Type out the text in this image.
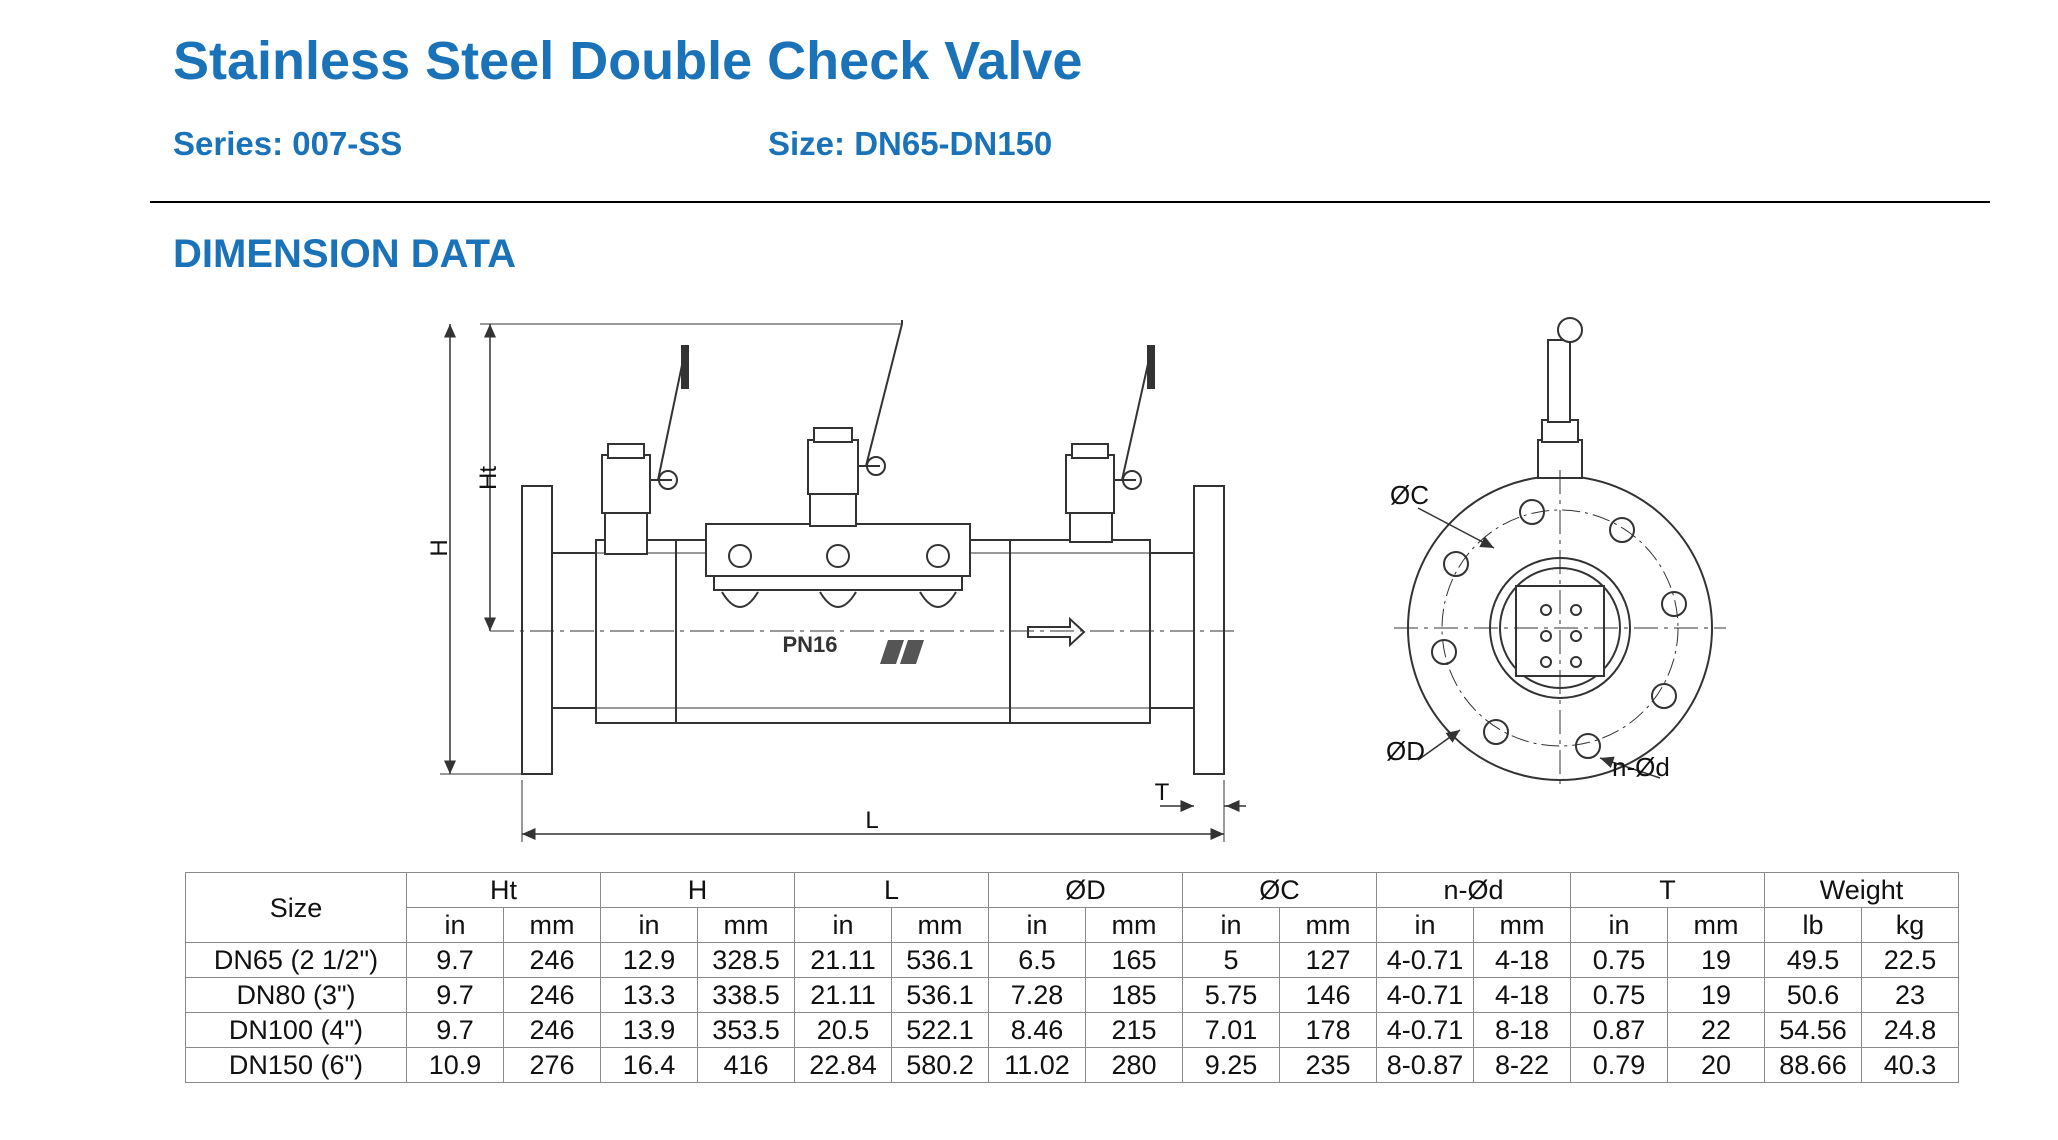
Stainless Steel Double Check Valve
Series: 007-SS	Size: DN65-DN150
DIMENSION DATA
Ht
H
L
T
PN16
ØC
ØD
n-Ød
Size	Ht		H		L		ØD		ØC		n-Ød		T		Weight	
	in	mm	in	mm	in	mm	in	mm	in	mm	in	mm	in	mm	lb	kg
DN65 (2 1/2")	9.7	246	12.9	328.5	21.11	536.1	6.5	165	5	127	4-0.71	4-18	0.75	19	49.5	22.5
DN80 (3")	9.7	246	13.3	338.5	21.11	536.1	7.28	185	5.75	146	4-0.71	4-18	0.75	19	50.6	23
DN100 (4")	9.7	246	13.9	353.5	20.5	522.1	8.46	215	7.01	178	4-0.71	8-18	0.87	22	54.56	24.8
DN150 (6")	10.9	276	16.4	416	22.84	580.2	11.02	280	9.25	235	8-0.87	8-22	0.79	20	88.66	40.3
